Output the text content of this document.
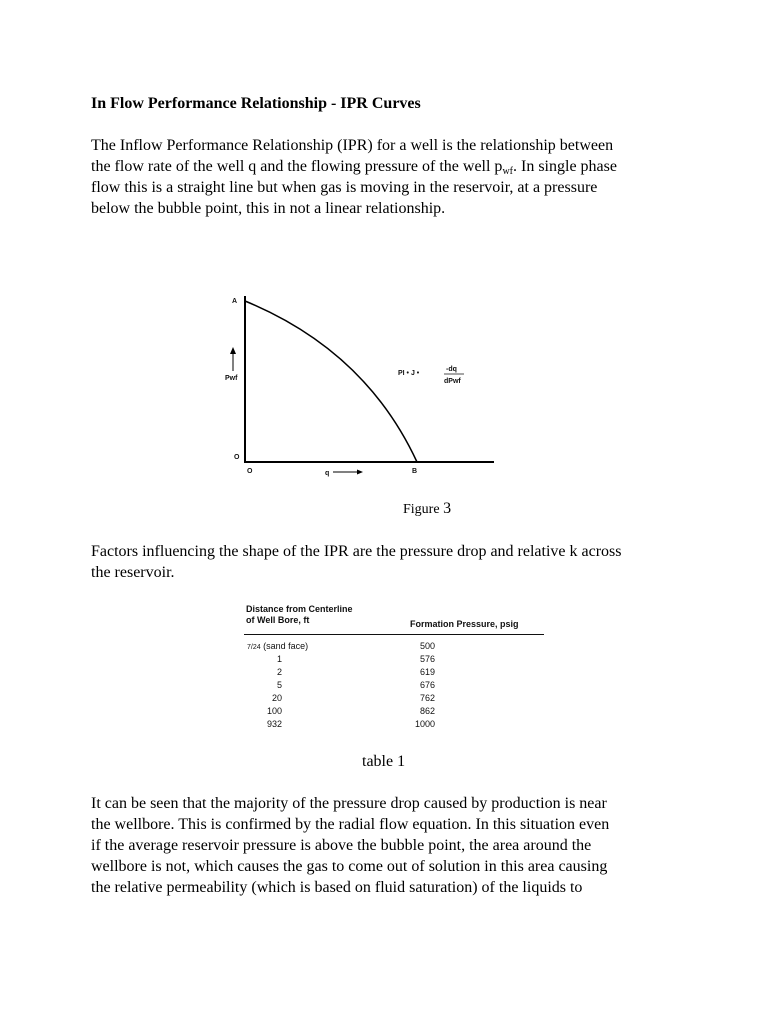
In Flow Performance Relationship - IPR Curves

The Inflow Performance Relationship (IPR) for a well is the relationship between
the flow rate of the well q and the flowing pressure of the well $p_{wf}$. In single phase
flow this is a straight line but when gas is moving in the reservoir, at a pressure
below the bubble point, this in not a linear relationship.

A
Pwf
O
O	q	B
PI • J •
-dq
dPwf

Figure 3

Factors influencing the shape of the IPR are the pressure drop and relative k across
the reservoir.

Distance from Centerline
of Well Bore, ft	Formation Pressure, psig
7/24 (sand face)	500
1	576
2	619
5	676
20	762
100	862
932	1000

table 1

It can be seen that the majority of the pressure drop caused by production is near
the wellbore. This is confirmed by the radial flow equation. In this situation even
if the average reservoir pressure is above the bubble point, the area around the
wellbore is not, which causes the gas to come out of solution in this area causing
the relative permeability (which is based on fluid saturation) of the liquids to
